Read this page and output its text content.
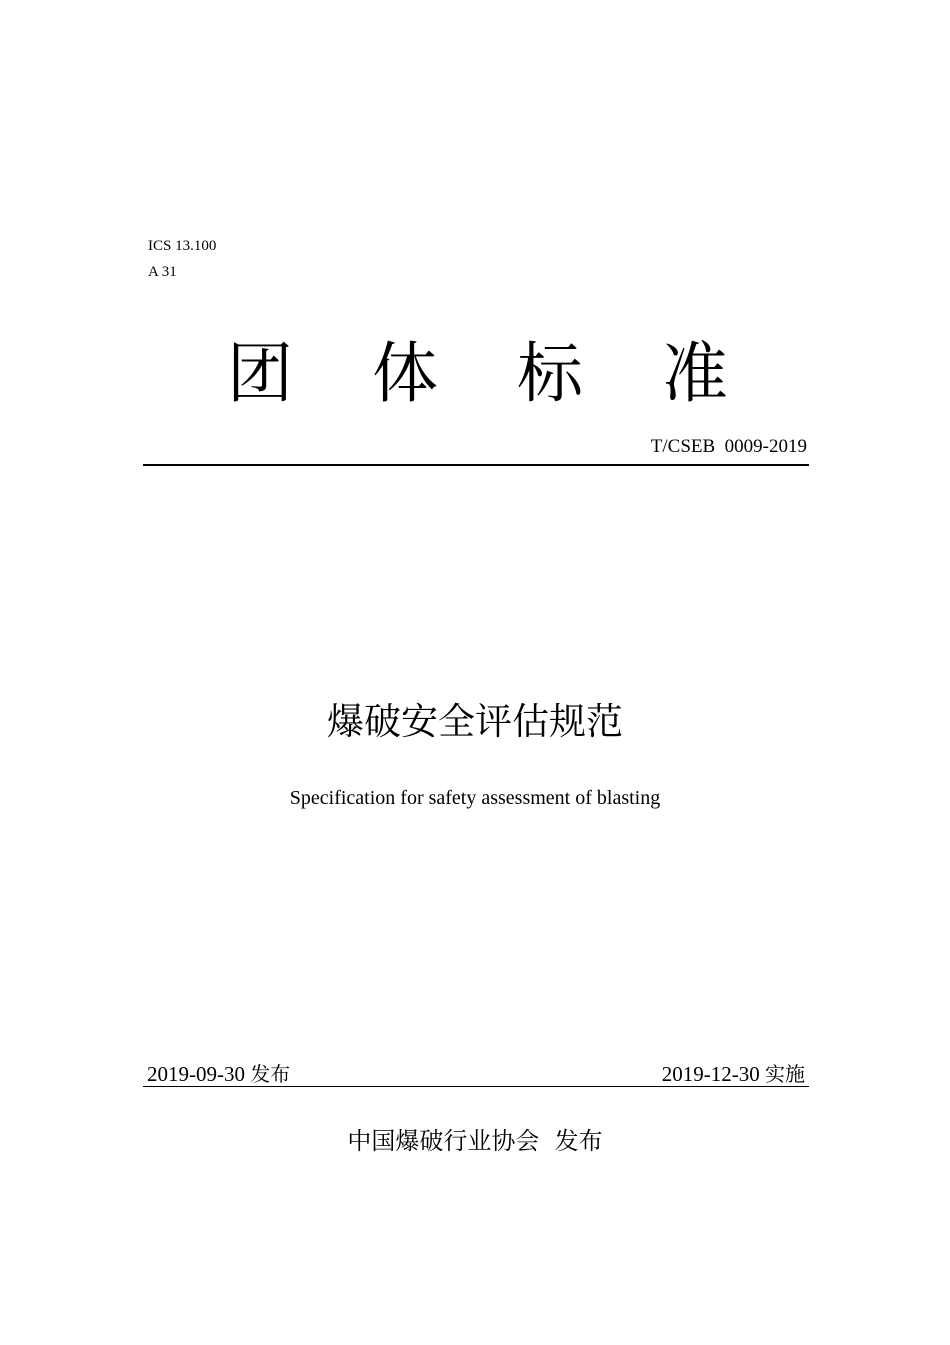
ICS 13.100
A 31
团 体 标 准
T/CSEB  0009-2019
爆破安全评估规范
Specification for safety assessment of blasting
2019-09-30 发布	2019-12-30 实施
中国爆破行业协会 发布
